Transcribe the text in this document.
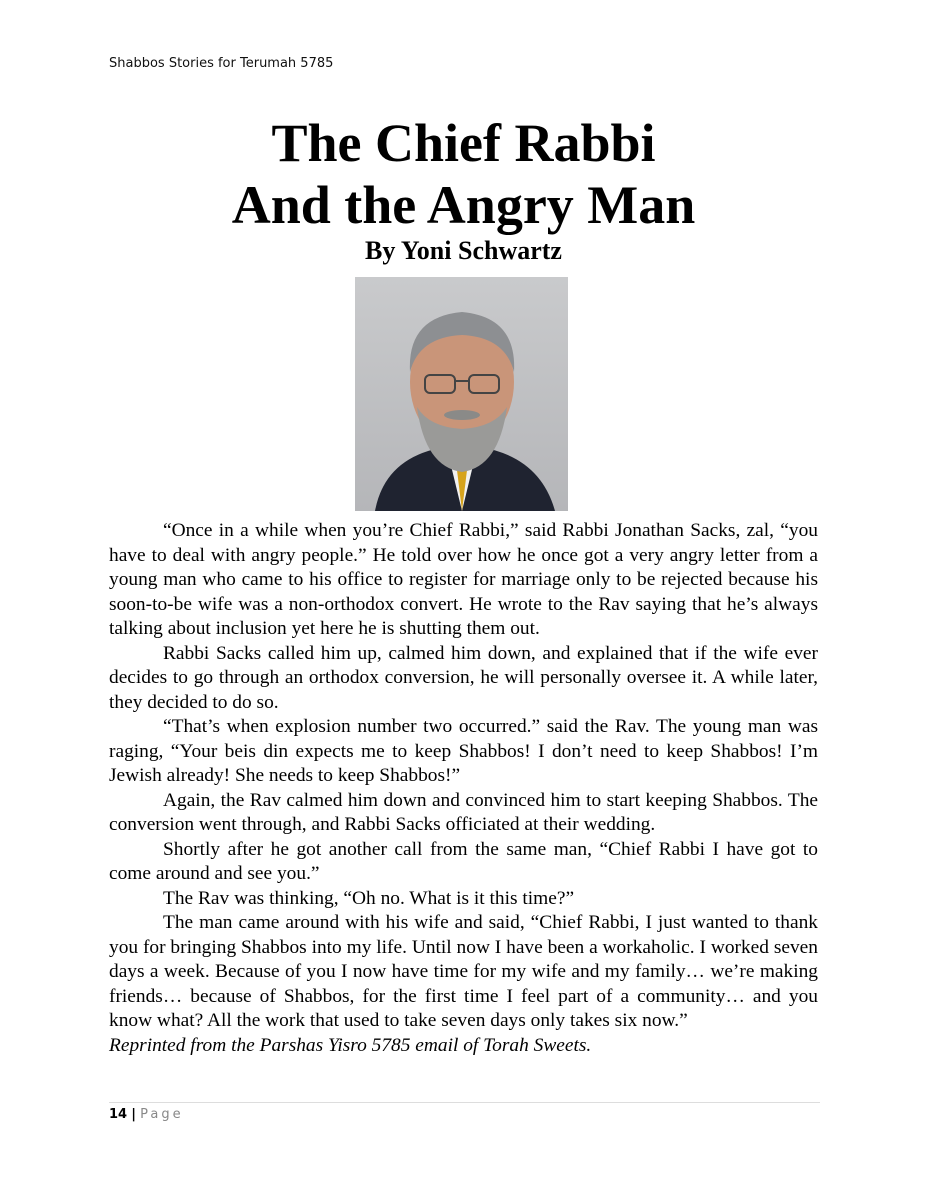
Shabbos Stories for Terumah 5785
The Chief Rabbi
And the Angry Man
By Yoni Schwartz

“Once in a while when you’re Chief Rabbi,” said Rabbi Jonathan Sacks, zal, “you have to deal with angry people.” He told over how he once got a very angry letter from a young man who came to his office to register for marriage only to be rejected because his soon-to-be wife was a non-orthodox convert. He wrote to the Rav saying that he’s always talking about inclusion yet here he is shutting them out.

Rabbi Sacks called him up, calmed him down, and explained that if the wife ever decides to go through an orthodox conversion, he will personally oversee it. A while later, they decided to do so.

“That’s when explosion number two occurred.” said the Rav. The young man was raging, “Your beis din expects me to keep Shabbos! I don’t need to keep Shabbos! I’m Jewish already! She needs to keep Shabbos!”

Again, the Rav calmed him down and convinced him to start keeping Shabbos. The conversion went through, and Rabbi Sacks officiated at their wedding.

Shortly after he got another call from the same man, “Chief Rabbi I have got to come around and see you.”

The Rav was thinking, “Oh no. What is it this time?”

The man came around with his wife and said, “Chief Rabbi, I just wanted to thank you for bringing Shabbos into my life. Until now I have been a workaholic. I worked seven days a week. Because of you I now have time for my wife and my family… we’re making friends… because of Shabbos, for the first time I feel part of a community… and you know what? All the work that used to take seven days only takes six now.”

Reprinted from the Parshas Yisro 5785 email of Torah Sweets.

14 | Page
